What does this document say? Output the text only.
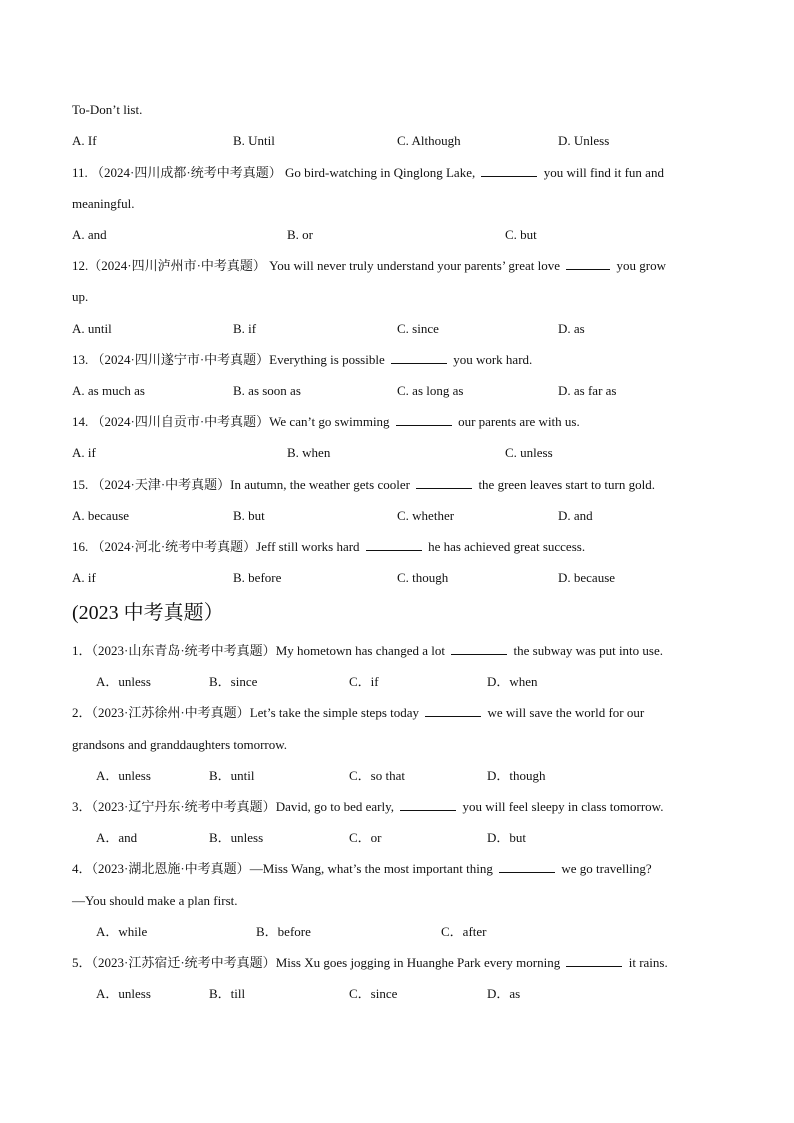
To-Don’t list.
A. If	B. Until	C. Although	D. Unless
11. （2024·四川成都·统考中考真题） Go bird-watching in Qinglong Lake,	you will find it fun and
meaningful.
A. and	B. or	C. but
12.（2024·四川泸州市·中考真题） You will never truly understand your parents’ great love	you grow
up.
A. until	B. if	C. since	D. as
13. （2024·四川遂宁市·中考真题）Everything is possible	you work hard.
A. as much as	B. as soon as	C. as long as	D. as far as
14. （2024·四川自贡市·中考真题）We can’t go swimming	our parents are with us.
A. if	B. when	C. unless
15. （2024·天津·中考真题）In autumn, the weather gets cooler	the green leaves start to turn gold.
A. because	B. but	C. whether	D. and
16. （2024·河北·统考中考真题）Jeff still works hard	he has achieved great success.
A. if	B. before	C. though	D. because
(2023 中考真题）
1．（2023·山东青岛·统考中考真题）My hometown has changed a lot	the subway was put into use.
A．unless	B．since	C．if	D．when
2．（2023·江苏徐州·中考真题）Let’s take the simple steps today	we will save the world for our
grandsons and granddaughters tomorrow.
A．unless	B．until	C．so that	D．though
3．（2023·辽宁丹东·统考中考真题）David, go to bed early,	you will feel sleepy in class tomorrow.
A．and	B．unless	C．or	D．but
4．（2023·湖北恩施·中考真题）—Miss Wang, what’s the most important thing	we go travelling?
—You should make a plan first.
A．while	B．before	C．after
5．（2023·江苏宿迁·统考中考真题）Miss Xu goes jogging in Huanghe Park every morning	it rains.
A．unless	B．till	C．since	D．as
